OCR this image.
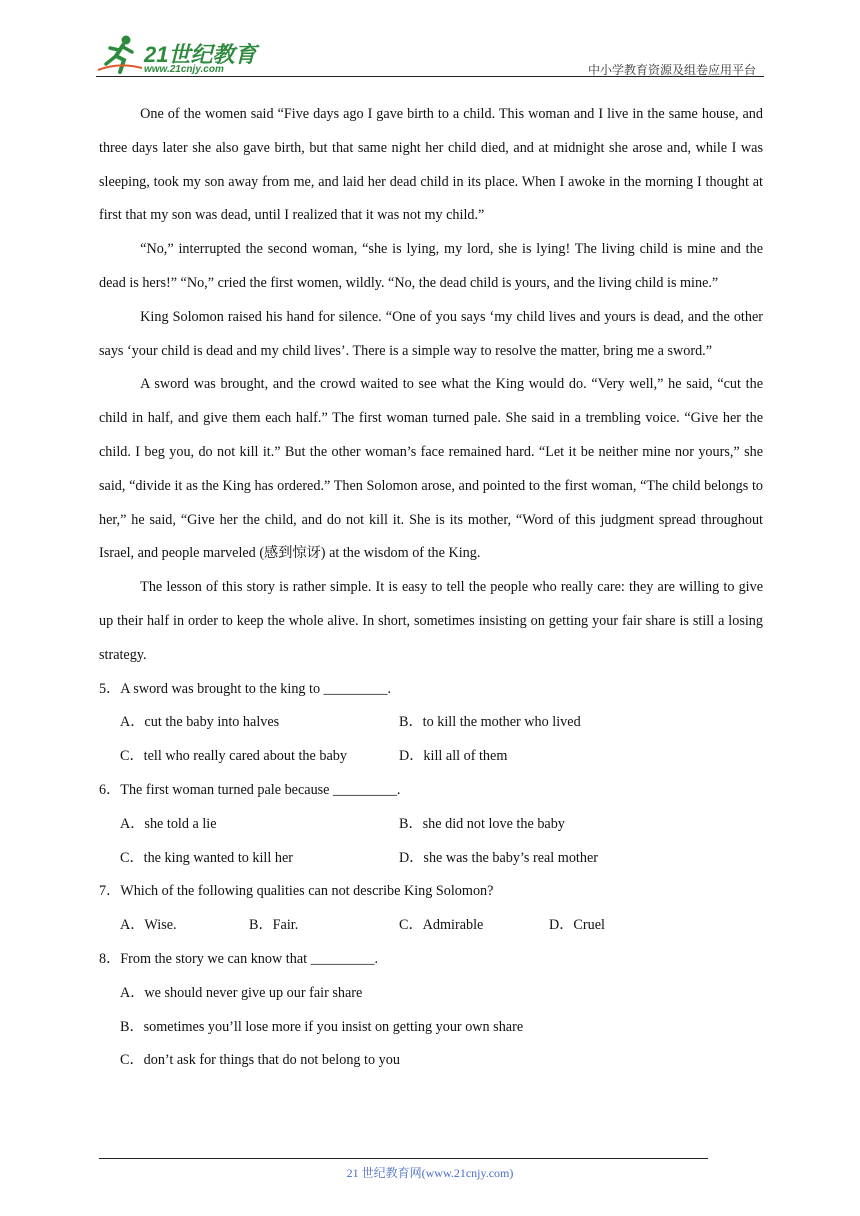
21世纪教育
www.21cnjy.com	中小学教育资源及组卷应用平台

One of the women said “Five days ago I gave birth to a child. This woman and I live in the same house, and three days later she also gave birth, but that same night her child died, and at midnight she arose and, while I was sleeping, took my son away from me, and laid her dead child in its place. When I awoke in the morning I thought at first that my son was dead, until I realized that it was not my child.”

“No,” interrupted the second woman, “she is lying, my lord, she is lying! The living child is mine and the dead is hers!” “No,” cried the first women, wildly. “No, the dead child is yours, and the living child is mine.”

King Solomon raised his hand for silence. “One of you says ‘my child lives and yours is dead, and the other says ‘your child is dead and my child lives’. There is a simple way to resolve the matter, bring me a sword.”

A sword was brought, and the crowd waited to see what the King would do. “Very well,” he said, “cut the child in half, and give them each half.” The first woman turned pale. She said in a trembling voice. “Give her the child. I beg you, do not kill it.” But the other woman’s face remained hard. “Let it be neither mine nor yours,” she said, “divide it as the King has ordered.” Then Solomon arose, and pointed to the first woman, “The child belongs to her,” he said, “Give her the child, and do not kill it. She is its mother, “Word of this judgment spread throughout Israel, and people marveled (感到惊讶) at the wisdom of the King.

The lesson of this story is rather simple. It is easy to tell the people who really care: they are willing to give up their half in order to keep the whole alive. In short, sometimes insisting on getting your fair share is still a losing strategy.

5．A sword was brought to the king to _________.
A．cut the baby into halves	B．to kill the mother who lived
C．tell who really cared about the baby	D．kill all of them
6．The first woman turned pale because _________.
A．she told a lie	B．she did not love the baby
C．the king wanted to kill her	D．she was the baby’s real mother
7．Which of the following qualities can not describe King Solomon?
A．Wise.	B．Fair.	C．Admirable	D．Cruel
8．From the story we can know that _________.
A．we should never give up our fair share
B．sometimes you’ll lose more if you insist on getting your own share
C．don’t ask for things that do not belong to you
21 世纪教育网(www.21cnjy.com)
